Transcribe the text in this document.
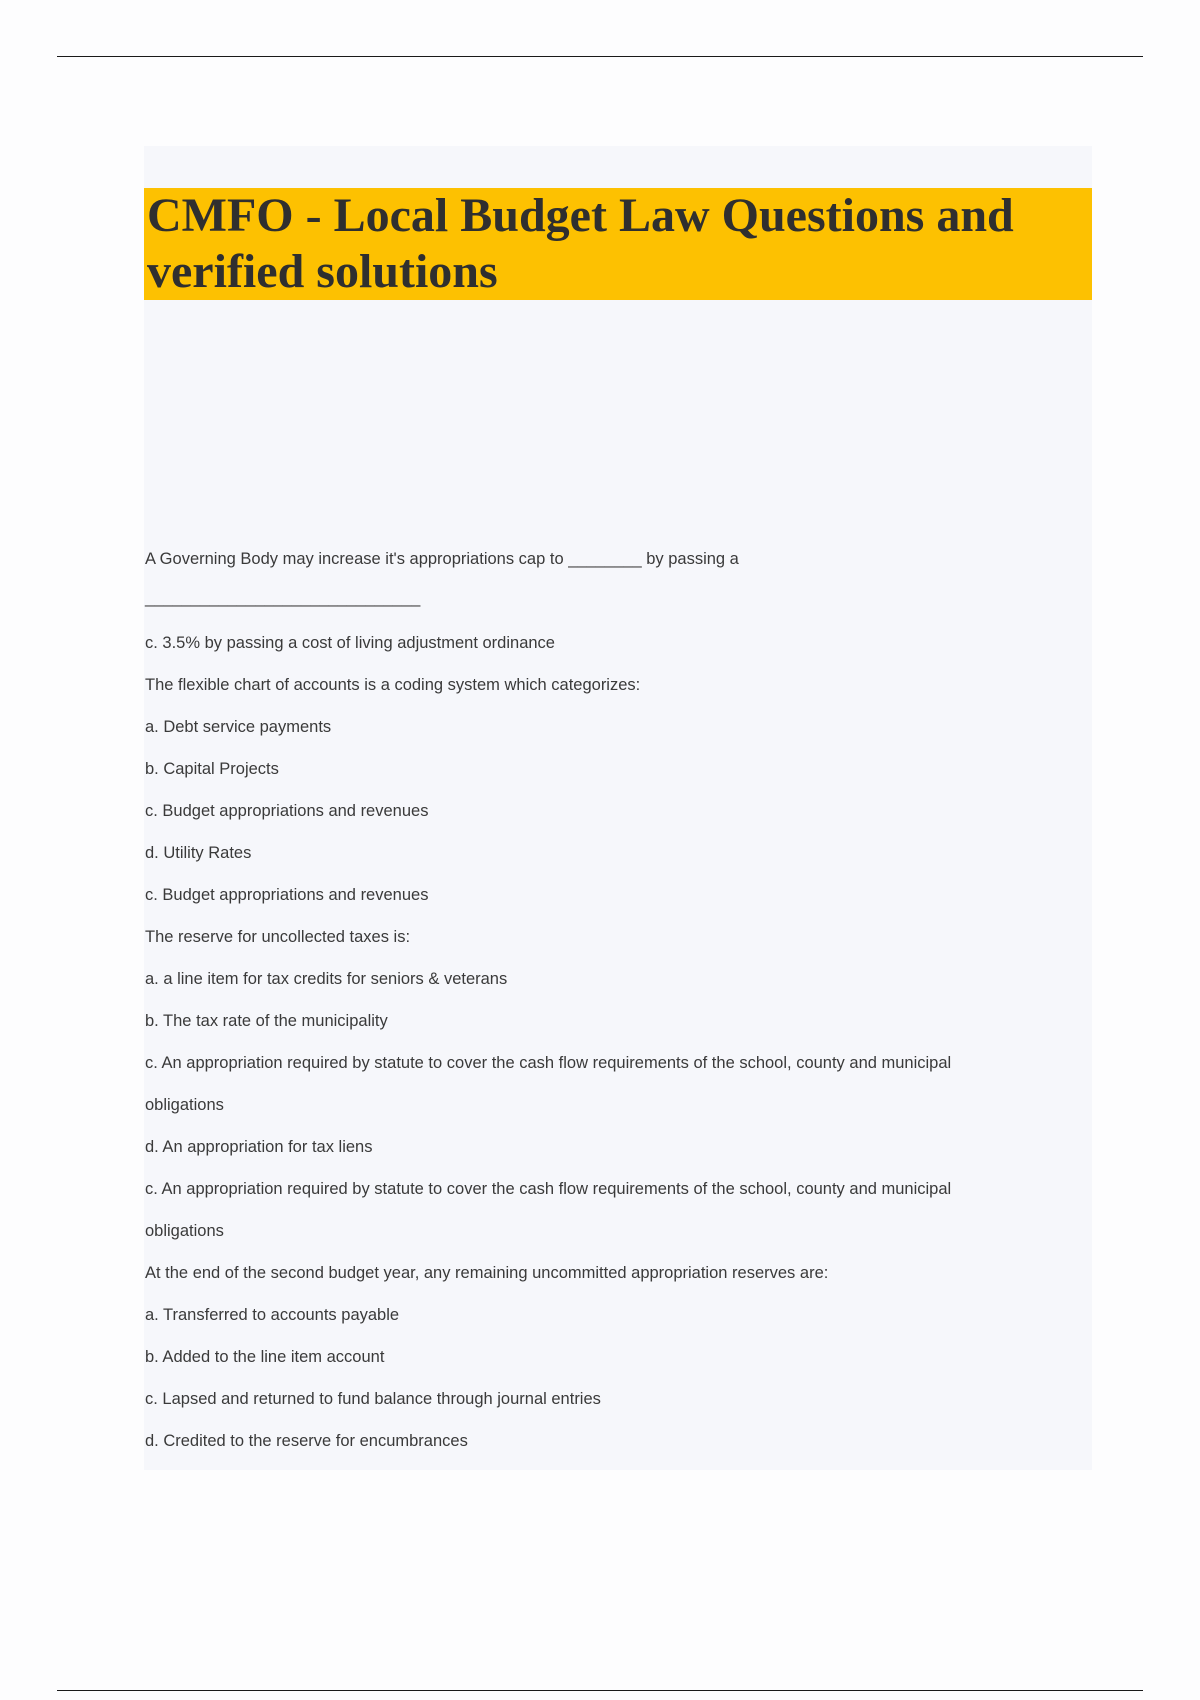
CMFO - Local Budget Law Questions and verified solutions
A Governing Body may increase it's appropriations cap to ________ by passing a
______________________________
c. 3.5% by passing a cost of living adjustment ordinance
The flexible chart of accounts is a coding system which categorizes:
a. Debt service payments
b. Capital Projects
c. Budget appropriations and revenues
d. Utility Rates
c. Budget appropriations and revenues
The reserve for uncollected taxes is:
a. a line item for tax credits for seniors & veterans
b. The tax rate of the municipality
c. An appropriation required by statute to cover the cash flow requirements of the school, county and municipal
obligations
d. An appropriation for tax liens
c. An appropriation required by statute to cover the cash flow requirements of the school, county and municipal
obligations
At the end of the second budget year, any remaining uncommitted appropriation reserves are:
a. Transferred to accounts payable
b. Added to the line item account
c. Lapsed and returned to fund balance through journal entries
d. Credited to the reserve for encumbrances
